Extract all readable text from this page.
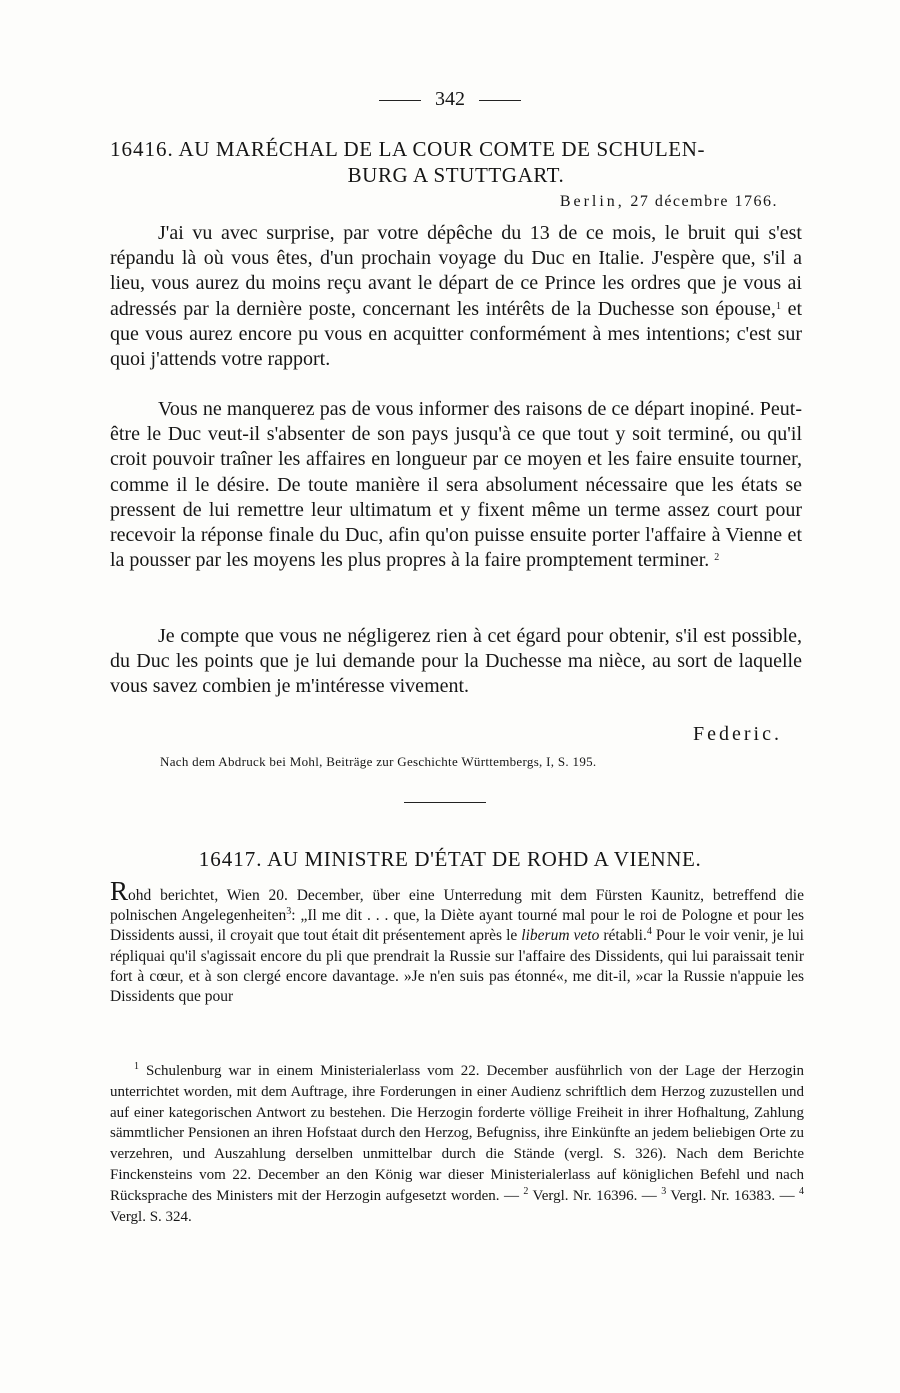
342
16416. AU MARÉCHAL DE LA COUR COMTE DE SCHULEN-
BURG A STUTTGART.
Berlin, 27 décembre 1766.
J'ai vu avec surprise, par votre dépêche du 13 de ce mois, le bruit qui s'est répandu là où vous êtes, d'un prochain voyage du Duc en Italie. J'espère que, s'il a lieu, vous aurez du moins reçu avant le départ de ce Prince les ordres que je vous ai adressés par la dernière poste, concernant les intérêts de la Duchesse son épouse,$^1$ et que vous aurez encore pu vous en acquitter conformément à mes intentions; c'est sur quoi j'attends votre rapport.
Vous ne manquerez pas de vous informer des raisons de ce départ inopiné. Peut-être le Duc veut-il s'absenter de son pays jusqu'à ce que tout y soit terminé, ou qu'il croit pouvoir traîner les affaires en longueur par ce moyen et les faire ensuite tourner, comme il le désire. De toute manière il sera absolument nécessaire que les états se pressent de lui remettre leur ultimatum et y fixent même un terme assez court pour recevoir la réponse finale du Duc, afin qu'on puisse ensuite porter l'affaire à Vienne et la pousser par les moyens les plus propres à la faire promptement terminer. $^2$
Je compte que vous ne négligerez rien à cet égard pour obtenir, s'il est possible, du Duc les points que je lui demande pour la Duchesse ma nièce, au sort de laquelle vous savez combien je m'intéresse vivement.
Federic.
Nach dem Abdruck bei Mohl, Beiträge zur Geschichte Württembergs, I, S. 195.
16417. AU MINISTRE D'ÉTAT DE ROHD A VIENNE.
Rohd berichtet, Wien 20. December, über eine Unterredung mit dem Fürsten Kaunitz, betreffend die polnischen Angelegenheiten$^3$: „Il me dit . . . que, la Diète ayant tourné mal pour le roi de Pologne et pour les Dissidents aussi, il croyait que tout était dit présentement après le liberum veto rétabli.$^4$ Pour le voir venir, je lui répliquai qu'il s'agissait encore du pli que prendrait la Russie sur l'affaire des Dissidents, qui lui paraissait tenir fort à cœur, et à son clergé encore davantage. »Je n'en suis pas étonné«, me dit-il, »car la Russie n'appuie les Dissidents que pour
$^1$ Schulenburg war in einem Ministerialerlass vom 22. December ausführlich von der Lage der Herzogin unterrichtet worden, mit dem Auftrage, ihre Forderungen in einer Audienz schriftlich dem Herzog zuzustellen und auf einer kategorischen Antwort zu bestehen. Die Herzogin forderte völlige Freiheit in ihrer Hofhaltung, Zahlung sämmtlicher Pensionen an ihren Hofstaat durch den Herzog, Befugniss, ihre Einkünfte an jedem beliebigen Orte zu verzehren, und Auszahlung derselben unmittelbar durch die Stände (vergl. S. 326). Nach dem Berichte Finckensteins vom 22. December an den König war dieser Ministerialerlass auf königlichen Befehl und nach Rücksprache des Ministers mit der Herzogin aufgesetzt worden. — $^2$ Vergl. Nr. 16396. — $^3$ Vergl. Nr. 16383. — $^4$ Vergl. S. 324.
